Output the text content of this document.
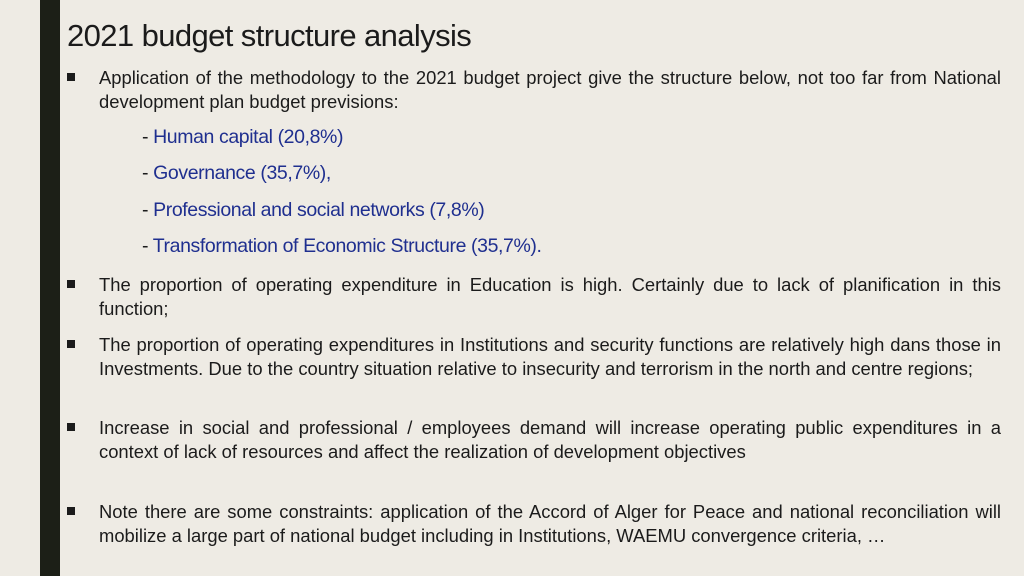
2021 budget structure analysis

Application of the methodology to the 2021 budget project give the structure below, not too far from National development plan budget previsions:

- Human capital (20,8%)
- Governance (35,7%),
- Professional and social networks (7,8%)
- Transformation of Economic Structure (35,7%).

The proportion of operating expenditure in Education is high. Certainly due to lack of planification in this function;

The proportion of operating expenditures in Institutions and security functions are relatively high dans those in Investments. Due to the country situation relative to insecurity and terrorism in the north and centre regions;

Increase in social and professional / employees demand will increase operating public expenditures in a context of lack of resources and affect the realization of development objectives

Note there are some constraints: application of the Accord of Alger for Peace and national reconciliation will mobilize a large part of national budget including in Institutions, WAEMU convergence criteria, …
